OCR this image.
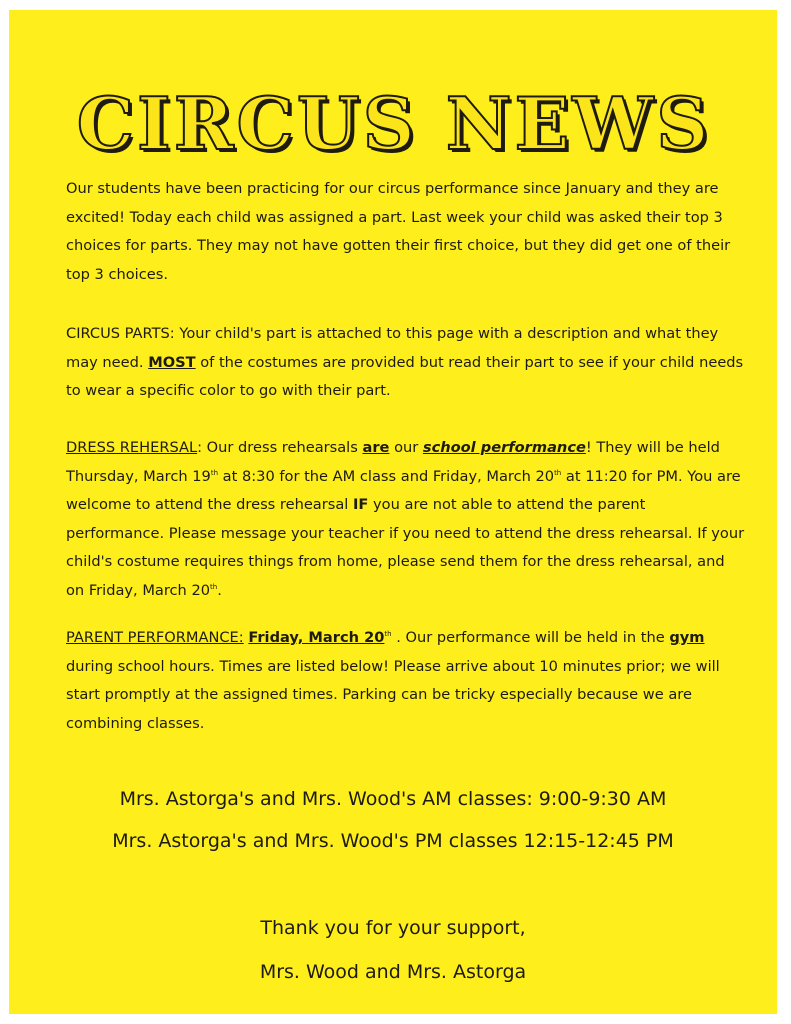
CIRCUS NEWS

Our students have been practicing for our circus performance since January and they are excited! Today each child was assigned a part. Last week your child was asked their top 3 choices for parts. They may not have gotten their first choice, but they did get one of their top 3 choices.

CIRCUS PARTS: Your child's part is attached to this page with a description and what they may need. MOST of the costumes are provided but read their part to see if your child needs to wear a specific color to go with their part.

DRESS REHERSAL: Our dress rehearsals are our school performance! They will be held Thursday, March 19th at 8:30 for the AM class and Friday, March 20th at 11:20 for PM. You are welcome to attend the dress rehearsal IF you are not able to attend the parent performance. Please message your teacher if you need to attend the dress rehearsal. If your child's costume requires things from home, please send them for the dress rehearsal, and on Friday, March 20th.

PARENT PERFORMANCE: Friday, March 20th . Our performance will be held in the gym during school hours. Times are listed below! Please arrive about 10 minutes prior; we will start promptly at the assigned times. Parking can be tricky especially because we are combining classes.

Mrs. Astorga's and Mrs. Wood's AM classes: 9:00-9:30 AM
Mrs. Astorga's and Mrs. Wood's PM classes 12:15-12:45 PM
Thank you for your support,
Mrs. Wood and Mrs. Astorga
